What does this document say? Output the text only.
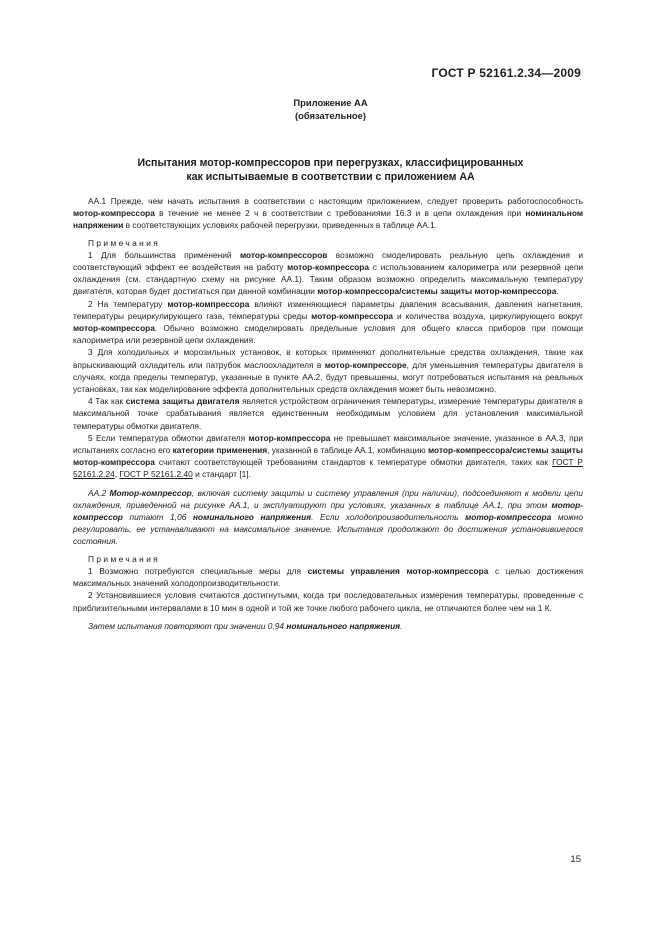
ГОСТ Р 52161.2.34—2009
Приложение АА
(обязательное)
Испытания мотор-компрессоров при перегрузках, классифицированных
как испытываемые в соответствии с приложением АА

АА.1 Прежде, чем начать испытания в соответствии с настоящим приложением, следует проверить работоспособность мотор-компрессора в течение не менее 2 ч в соответствии с требованиями 16.3 и в цепи охлаждения при номинальном напряжении в соответствующих условиях рабочей перегрузки, приведенных в таблице АА.1.

Примечания

1 Для большинства применений мотор-компрессоров возможно смоделировать реальную цепь охлаждения и соответствующий эффект ее воздействия на работу мотор-компрессора с использованием калориметра или резервной цепи охлаждения (см. стандартную схему на рисунке АА.1). Таким образом возможно определить максимальную температуру двигателя, которая будет достигаться при данной комбинации мотор-компрессора/системы защиты мотор-компрессора.

2 На температуру мотор-компрессора влияют изменяющиеся параметры давления всасывания, давления нагнетания, температуры рециркулирующего газа, температуры среды мотор-компрессора и количества воздуха, циркулирующего вокруг мотор-компрессора. Обычно возможно смоделировать предельные условия для общего класса приборов при помощи калориметра или резервной цепи охлаждения.

3 Для холодильных и морозильных установок, в которых применяют дополнительные средства охлаждения, такие как впрыскивающий охладитель или патрубок маслоохладителя в мотор-компрессоре, для уменьшения температуры двигателя в случаях, когда пределы температур, указанные в пункте АА.2, будут превышены, могут потребоваться испытания на реальных установках, так как моделирование эффекта дополнительных средств охлаждения может быть невозможно.

4 Так как система защиты двигателя является устройством ограничения температуры, измерение температуры двигателя в максимальной точке срабатывания является единственным необходимым условием для установления максимальной температуры обмотки двигателя.

5 Если температура обмотки двигателя мотор-компрессора не превышает максимальное значение, указанное в АА.3, при испытаниях согласно его категории применения, указанной в таблице АА.1, комбинацию мотор-компрессора/системы защиты мотор-компрессора считают соответствующей требованиям стандартов к температуре обмотки двигателя, таких как ГОСТ Р 52161.2.24, ГОСТ Р 52161.2.40 и стандарт [1].

АА.2 Мотор-компрессор, включая систему защиты и систему управления (при наличии), подсоединяют к модели цепи охлаждения, приведенной на рисунке АА.1, и эксплуатируют при условиях, указанных в таблице АА.1, при этом мотор-компрессор питают 1,06 номинального напряжения. Если холодопроизводительность мотор-компрессора можно регулировать, ее устанавливают на максимальное значение. Испытания продолжают до достижения установившегося состояния.

Примечания

1 Возможно потребуются специальные меры для системы управления мотор-компрессора с целью достижения максимальных значений холодопроизводительности.

2 Установившиеся условия считаются достигнутыми, когда три последовательных измерения температуры, проведенные с приблизительными интервалами в 10 мин в одной и той же точке любого рабочего цикла, не отличаются более чем на 1 К.

Затем испытания повторяют при значении 0,94 номинального напряжения.

15
